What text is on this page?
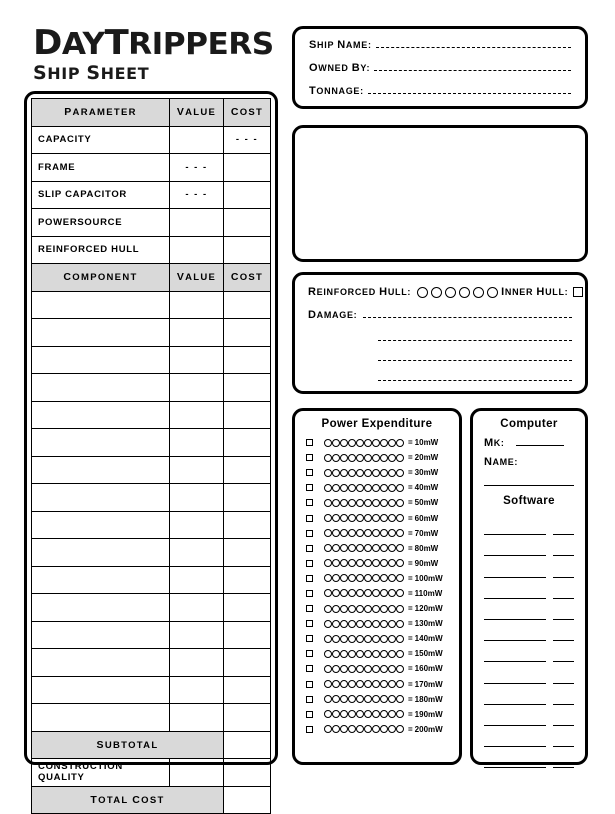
DAYTRIPPERS
SHIP SHEET
PARAMETER	VALUE	COST
CAPACITY		- - -
FRAME	- - -	
SLIP CAPACITOR	- - -	
POWERSOURCE		
REINFORCED HULL		
COMPONENT	VALUE	COST

SUBTOTAL		
CONSTRUCTION QUALITY		
TOTAL COST		
SHIP NAME:
OWNED BY:
TONNAGE:
REINFORCED HULL:	INNER HULL:
DAMAGE:
Power Expenditure
= 10mW
= 20mW
= 30mW
= 40mW
= 50mW
= 60mW
= 70mW
= 80mW
= 90mW
= 100mW
= 110mW
= 120mW
= 130mW
= 140mW
= 150mW
= 160mW
= 170mW
= 180mW
= 190mW
= 200mW
Computer
MK:
NAME:
Software
